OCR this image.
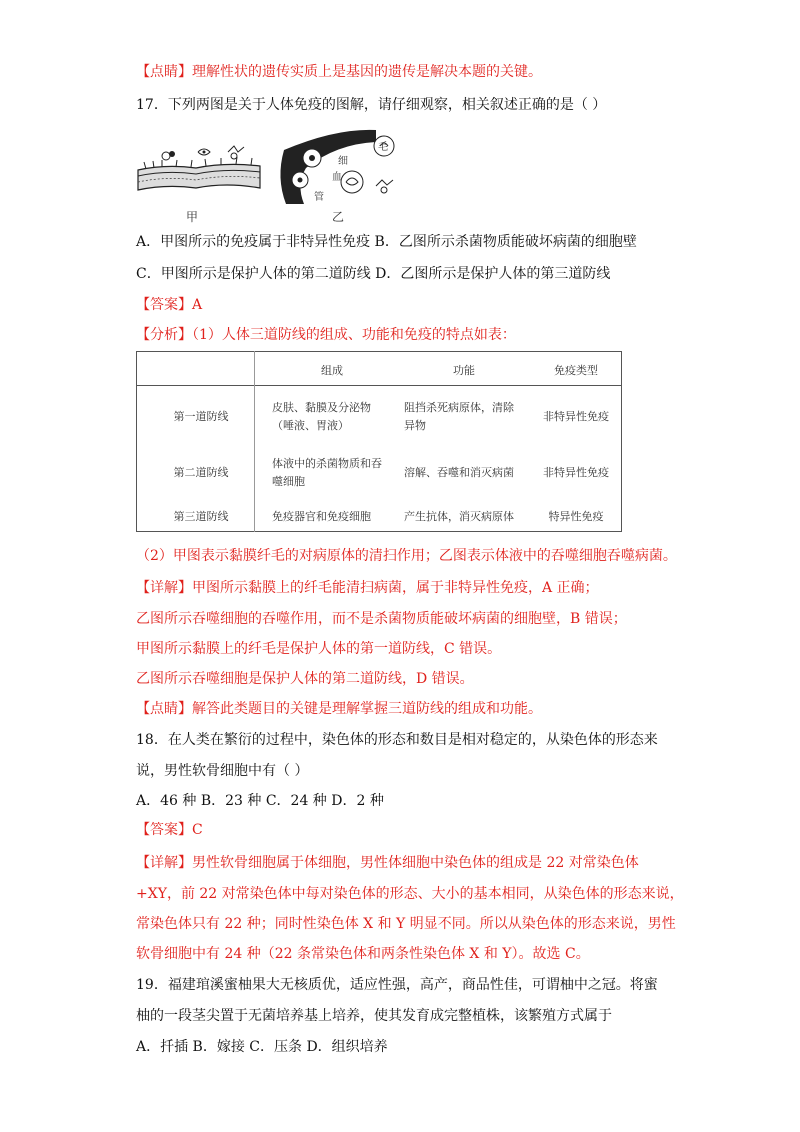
【点睛】理解性状的遗传实质上是基因的遗传是解决本题的关键。
17．下列两图是关于人体免疫的图解，请仔细观察，相关叙述正确的是（ ）
甲	乙
毛
细
血
管
A．甲图所示的免疫属于非特异性免疫 B．乙图所示杀菌物质能破坏病菌的细胞壁
C．甲图所示是保护人体的第二道防线 D．乙图所示是保护人体的第三道防线
【答案】A
【分析】（1）人体三道防线的组成、功能和免疫的特点如表：
	组成	功能	免疫类型
第一道防线	皮肤、黏膜及分泌物（唾液、胃液）	阻挡杀死病原体，清除异物	非特异性免疫
第二道防线	体液中的杀菌物质和吞噬细胞	溶解、吞噬和消灭病菌	非特异性免疫
第三道防线	免疫器官和免疫细胞	产生抗体，消灭病原体	特异性免疫
（2）甲图表示黏膜纤毛的对病原体的清扫作用；乙图表示体液中的吞噬细胞吞噬病菌。
【详解】甲图所示黏膜上的纤毛能清扫病菌，属于非特异性免疫，A 正确；
乙图所示吞噬细胞的吞噬作用，而不是杀菌物质能破坏病菌的细胞壁，B 错误；
甲图所示黏膜上的纤毛是保护人体的第一道防线，C 错误。
乙图所示吞噬细胞是保护人体的第二道防线，D 错误。
【点睛】解答此类题目的关键是理解掌握三道防线的组成和功能。
18．在人类在繁衍的过程中，染色体的形态和数目是相对稳定的，从染色体的形态来
说，男性软骨细胞中有（ ）
A．46 种 B．23 种 C．24 种 D．2 种
【答案】C
【详解】男性软骨细胞属于体细胞，男性体细胞中染色体的组成是 22 对常染色体
+XY，前 22 对常染色体中每对染色体的形态、大小的基本相同，从染色体的形态来说，
常染色体只有 22 种；同时性染色体 X 和 Y 明显不同。所以从染色体的形态来说，男性
软骨细胞中有 24 种（22 条常染色体和两条性染色体 X 和 Y）。故选 C。
19．福建琯溪蜜柚果大无核质优，适应性强，高产，商品性佳，可谓柚中之冠。将蜜
柚的一段茎尖置于无菌培养基上培养，使其发育成完整植株，该繁殖方式属于
A．扦插 B．嫁接 C．压条 D．组织培养
